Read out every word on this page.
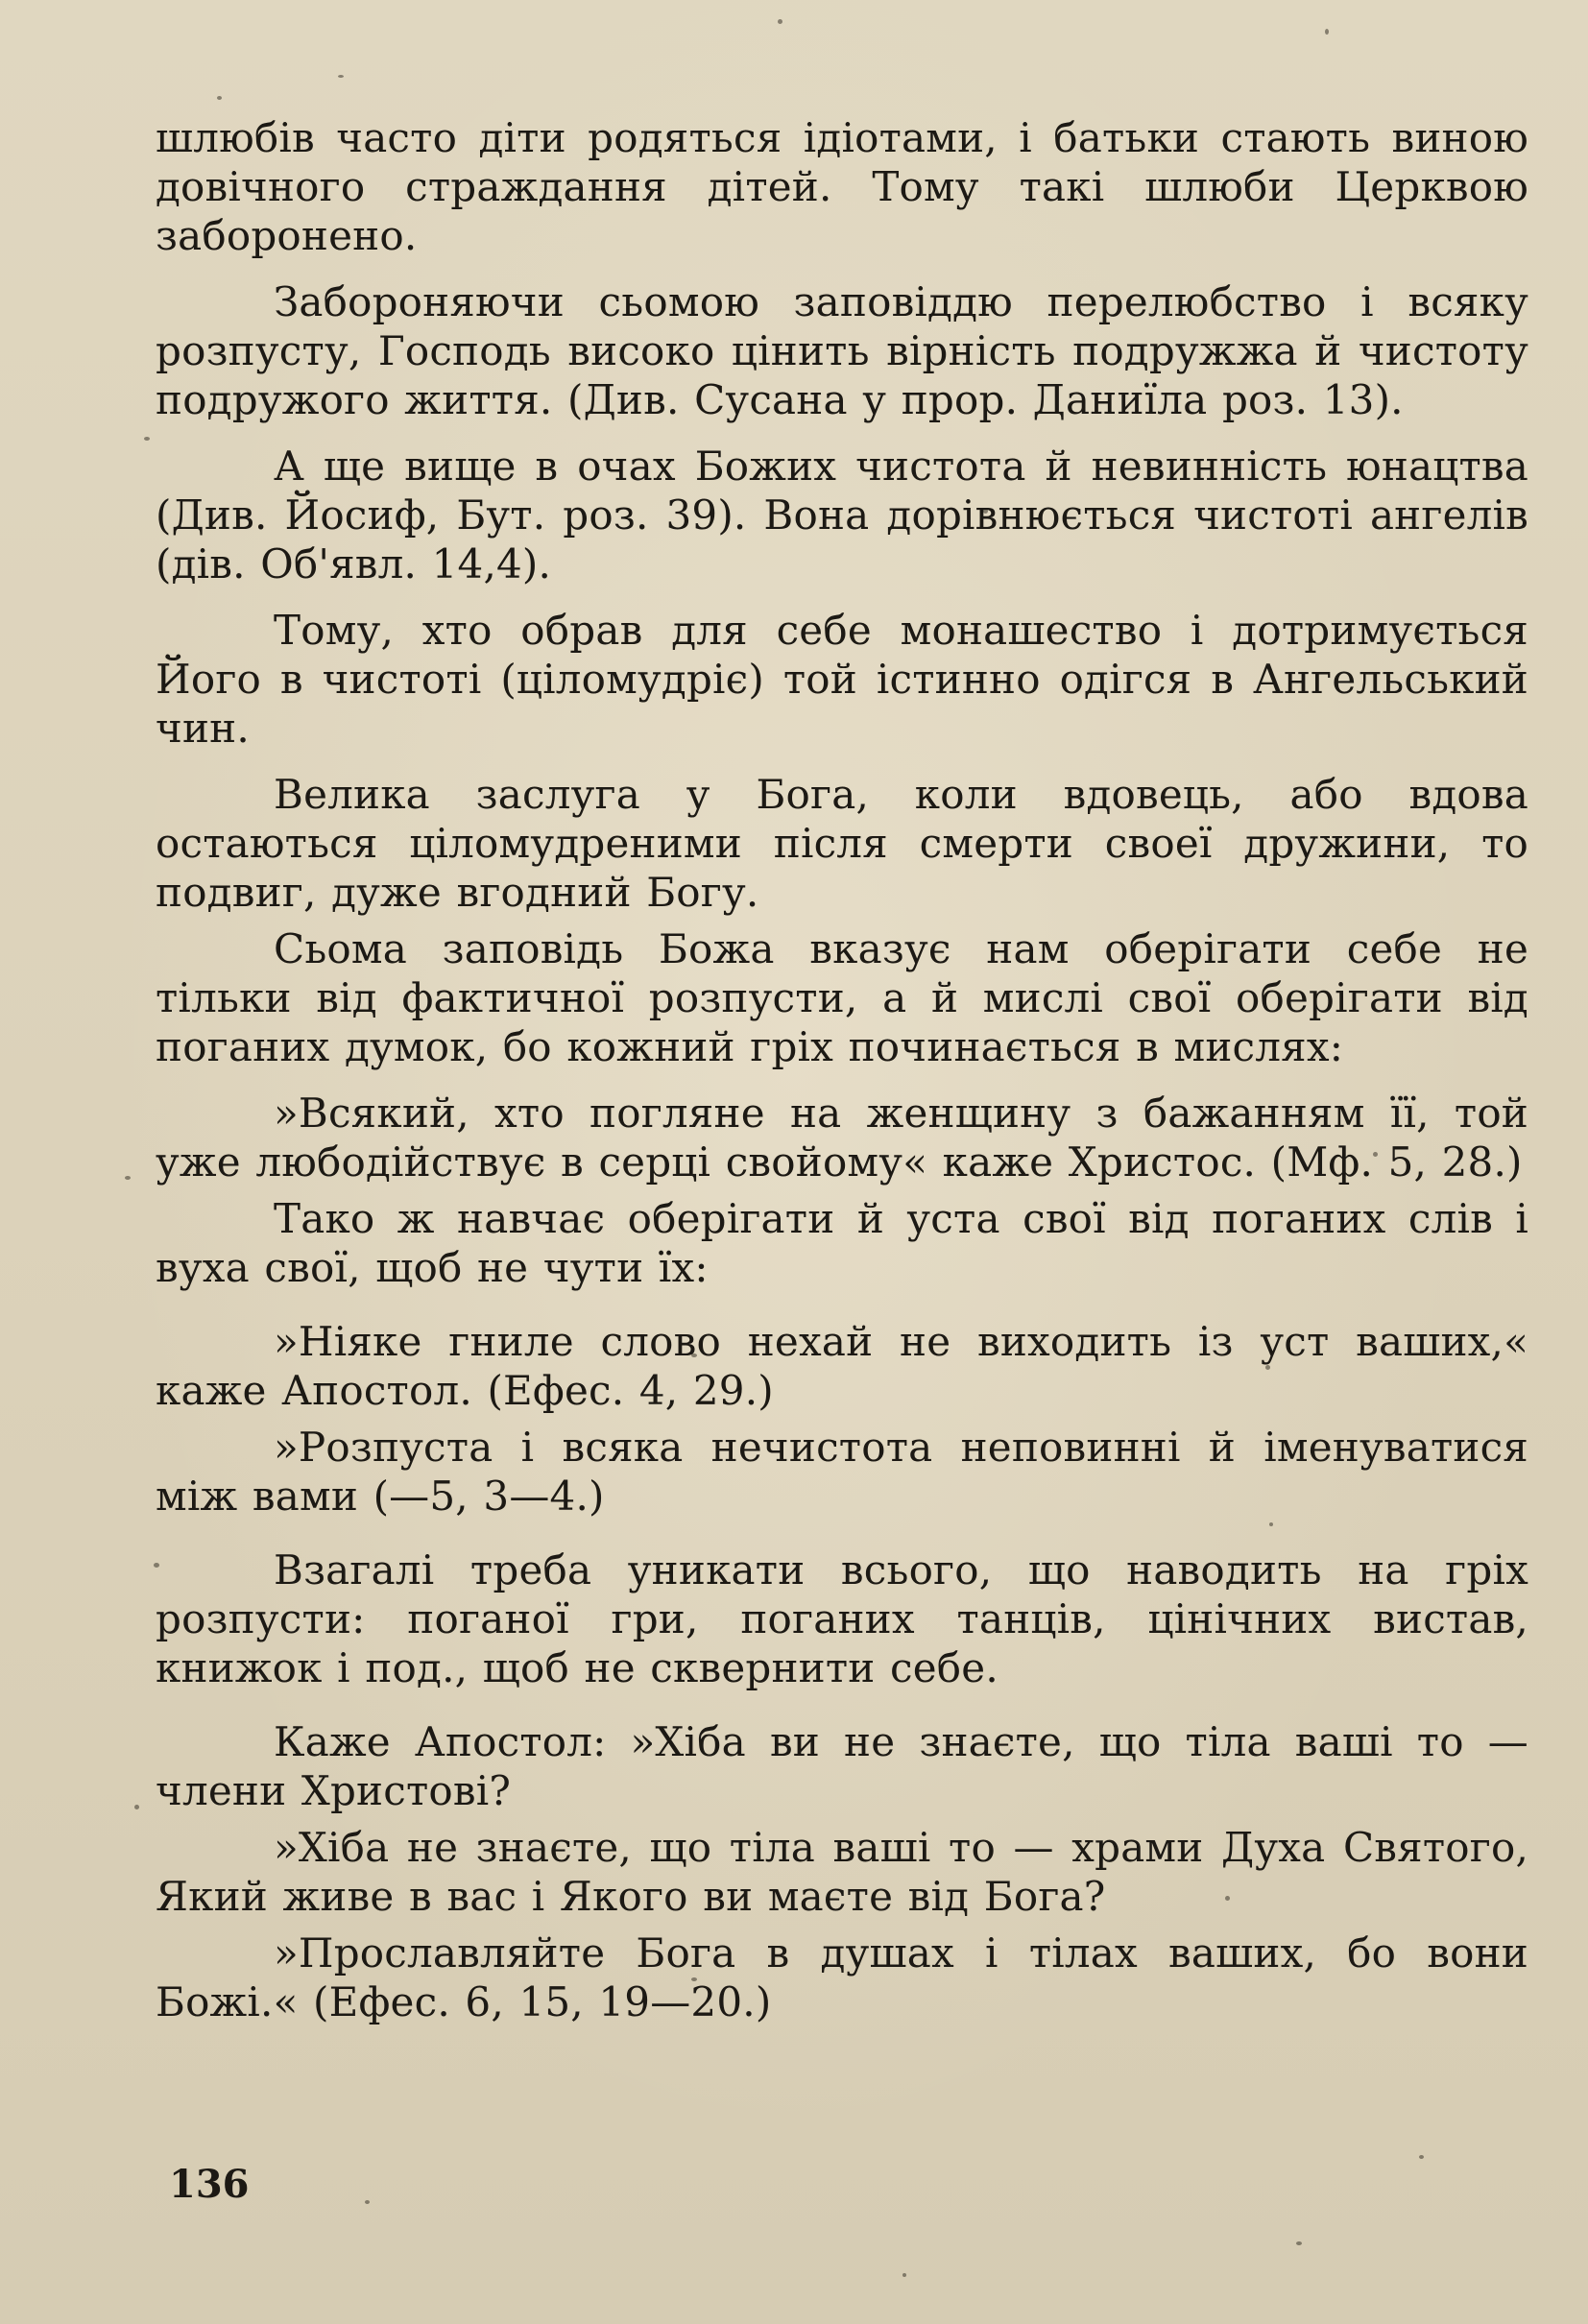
шлюбів часто діти родяться ідіотами, і батьки стають виною довічного страждання дітей. Тому такі шлюби Церквою заборонено.

Забороняючи сьомою заповіддю перелюбство і всяку розпусту, Господь високо цінить вірність подружжа й чистоту подружого життя. (Див. Сусана у прор. Даниїла роз. 13).

А ще вище в очах Божих чистота й невинність юнацтва (Див. Йосиф, Бут. роз. 39). Вона дорівнюється чистоті ангелів (дів. Об'явл. 14,4).

Тому, хто обрав для себе монашество і дотримується Його в чистоті (цiломудріє) той істинно одігся в Ангельський чин.

Велика заслуга у Бога, коли вдовець, або вдова остаються цiломудреними після смерти своеї дружини, то подвиг, дуже вгодний Богу.

Сьома заповідь Божа вказує нам оберігати себе не тільки від фактичної розпусти, а й мислі свої оберігати від поганих думок, бо кожний гріх починається в мислях:

»Всякий, хто погляне на женщину з бажанням її, той уже любодійствує в серці свойому« каже Христос. (Мф. 5, 28.)

Тако ж навчає оберігати й уста свої від поганих слів і вуха свої, щоб не чути їх:

»Ніяке гниле слово нехай не виходить із уст ваших,« каже Апостол. (Ефес. 4, 29.)

»Розпуста і всяка нечистота неповинні й іменуватися між вами (—5, 3—4.)

Взагалі треба уникати всього, що наводить на гріх розпусти: поганої гри, поганих танців, цінічних вистав, книжок і под., щоб не сквернити себе.

Каже Апостол: »Хіба ви не знаєте, що тіла ваші то — члени Христові?

»Хіба не знаєте, що тіла ваші то — храми Духа Святого, Який живе в вас і Якого ви маєте від Бога?

»Прославляйте Бога в душах і тілах ваших, бо вони Божі.« (Ефес. 6, 15, 19—20.)

136
